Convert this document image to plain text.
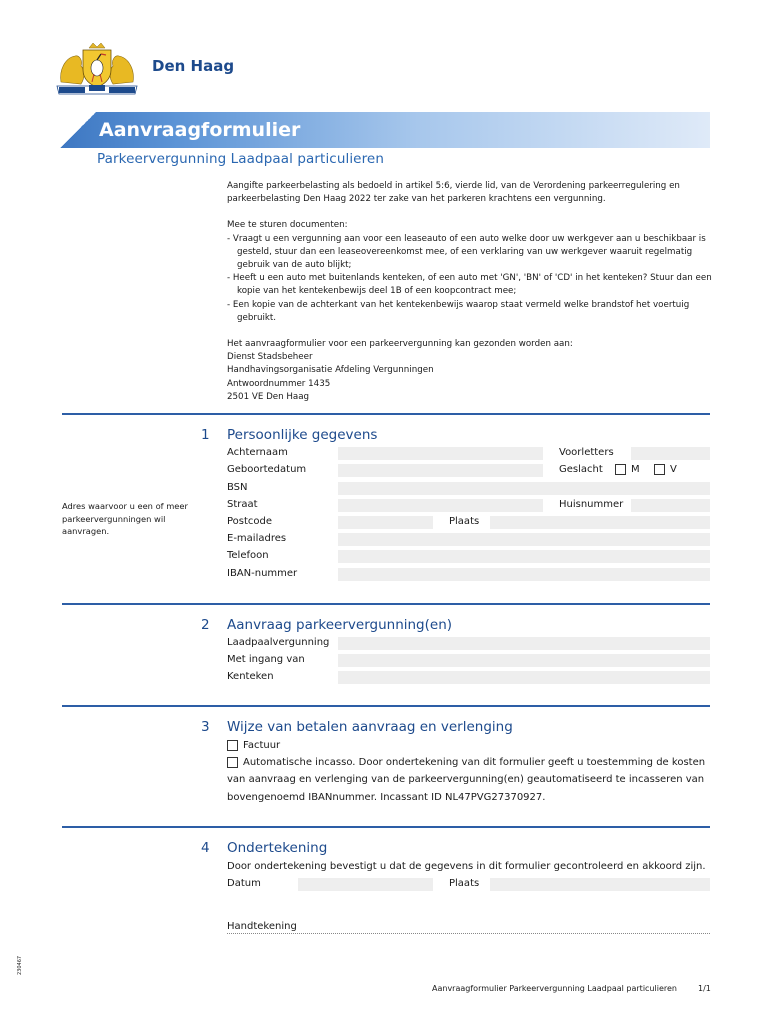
Den Haag
Aanvraagformulier
Parkeervergunning Laadpaal particulieren

Aangifte parkeerbelasting als bedoeld in artikel 5:6, vierde lid, van de Verordening parkeerregulering en parkeerbelasting Den Haag 2022 ter zake van het parkeren krachtens een vergunning.

Mee te sturen documenten:
- Vraagt u een vergunning aan voor een leaseauto of een auto welke door uw werkgever aan u beschikbaar is gesteld, stuur dan een leaseovereenkomst mee, of een verklaring van uw werkgever waaruit regelmatig gebruik van de auto blijkt;
- Heeft u een auto met buitenlands kenteken, of een auto met 'GN', 'BN' of 'CD' in het kenteken? Stuur dan een kopie van het kentekenbewijs deel 1B of een koopcontract mee;
- Een kopie van de achterkant van het kentekenbewijs waarop staat vermeld welke brandstof het voertuig gebruikt.
Het aanvraagformulier voor een parkeervergunning kan gezonden worden aan:
Dienst Stadsbeheer
Handhavingsorganisatie Afdeling Vergunningen
Antwoordnummer 1435
2501 VE Den Haag
1 Persoonlijke gegevens
Adres waarvoor u een of meer parkeervergunningen wil aanvragen.
Achternaam	Voorletters
Geboortedatum	Geslacht	M	V
BSN
Straat	Huisnummer
Postcode	Plaats
E-mailadres
Telefoon
IBAN-nummer
2 Aanvraag parkeervergunning(en)
Laadpaalvergunning
Met ingang van
Kenteken
3 Wijze van betalen aanvraag en verlenging
Factuur
Automatische incasso. Door ondertekening van dit formulier geeft u toestemming de kosten
van aanvraag en verlenging van de parkeervergunning(en) geautomatiseerd te incasseren van
bovengenoemd IBANnummer. Incassant ID NL47PVG27370927.
4 Ondertekening
Door ondertekening bevestigt u dat de gegevens in dit formulier gecontroleerd en akkoord zijn.
Datum	Plaats
Handtekening
230467
Aanvraagformulier Parkeervergunning Laadpaal particulieren	1/1
